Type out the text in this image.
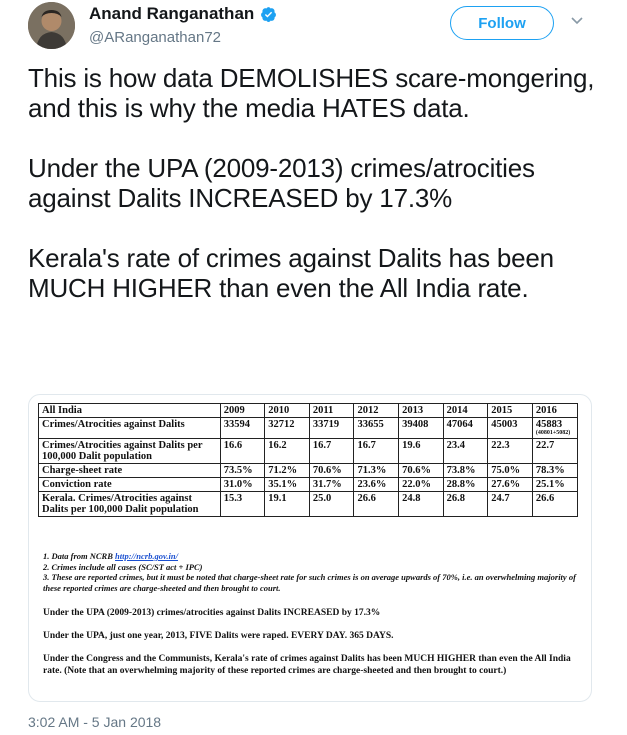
Anand Ranganathan
@ARanganathan72
Follow

This is how data DEMOLISHES scare-mongering, and this is why the media HATES data.

Under the UPA (2009-2013) crimes/atrocities against Dalits INCREASED by 17.3%

Kerala's rate of crimes against Dalits has been MUCH HIGHER than even the All India rate.

All India	2009	2010	2011	2012	2013	2014	2015	2016
Crimes/Atrocities against Dalits	33594	32712	33719	33655	39408	47064	45003	45883
(40801+5082)

Crimes/Atrocities against Dalits per 100,000 Dalit population	16.6	16.2	16.7	16.7	19.6	23.4	22.3	22.7
Charge-sheet rate	73.5%	71.2%	70.6%	71.3%	70.6%	73.8%	75.0%	78.3%
Conviction rate	31.0%	35.1%	31.7%	23.6%	22.0%	28.8%	27.6%	25.1%
Kerala. Crimes/Atrocities against Dalits per 100,000 Dalit population	15.3	19.1	25.0	26.6	24.8	26.8	24.7	26.6
1. Data from NCRB http://ncrb.gov.in/
2. Crimes include all cases (SC/ST act + IPC)
3. These are reported crimes, but it must be noted that charge-sheet rate for such crimes is on average upwards of 70%, i.e. an overwhelming majority of these reported crimes are charge-sheeted and then brought to court.

Under the UPA (2009-2013) crimes/atrocities against Dalits INCREASED by 17.3%

Under the UPA, just one year, 2013, FIVE Dalits were raped. EVERY DAY. 365 DAYS.

Under the Congress and the Communists, Kerala's rate of crimes against Dalits has been MUCH HIGHER than even the All India rate. (Note that an overwhelming majority of these reported crimes are charge-sheeted and then brought to court.)

3:02 AM - 5 Jan 2018
